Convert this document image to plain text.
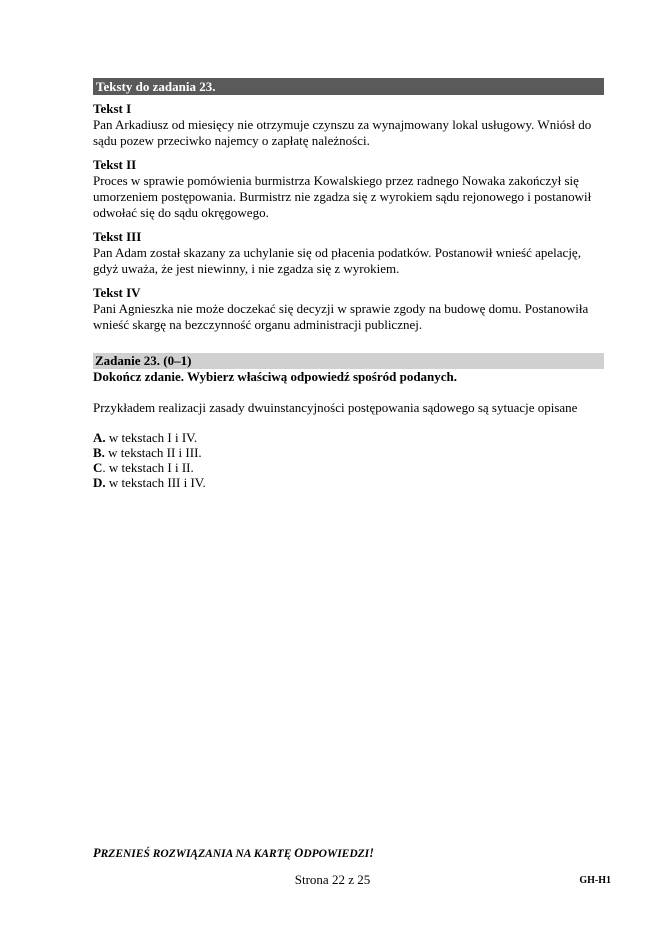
Teksty do zadania 23.
Tekst I
Pan Arkadiusz od miesięcy nie otrzymuje czynszu za wynajmowany lokal usługowy. Wniósł do sądu pozew przeciwko najemcy o zapłatę należności.
Tekst II
Proces w sprawie pomówienia burmistrza Kowalskiego przez radnego Nowaka zakończył się umorzeniem postępowania. Burmistrz nie zgadza się z wyrokiem sądu rejonowego i postanowił odwołać się do sądu okręgowego.
Tekst III
Pan Adam został skazany za uchylanie się od płacenia podatków. Postanowił wnieść apelację, gdyż uważa, że jest niewinny, i nie zgadza się z wyrokiem.
Tekst IV
Pani Agnieszka nie może doczekać się decyzji w sprawie zgody na budowę domu. Postanowiła wnieść skargę na bezczynność organu administracji publicznej.
Zadanie 23. (0–1)
Dokończ zdanie. Wybierz właściwą odpowiedź spośród podanych.
Przykładem realizacji zasady dwuinstancyjności postępowania sądowego są sytuacje opisane
A. w tekstach I i IV.
B. w tekstach II i III.
C. w tekstach I i II.
D. w tekstach III i IV.
PRZENIEŚ ROZWIĄZANIA NA KARTĘ ODPOWIEDZI!
Strona 22 z 25	GH-H1
